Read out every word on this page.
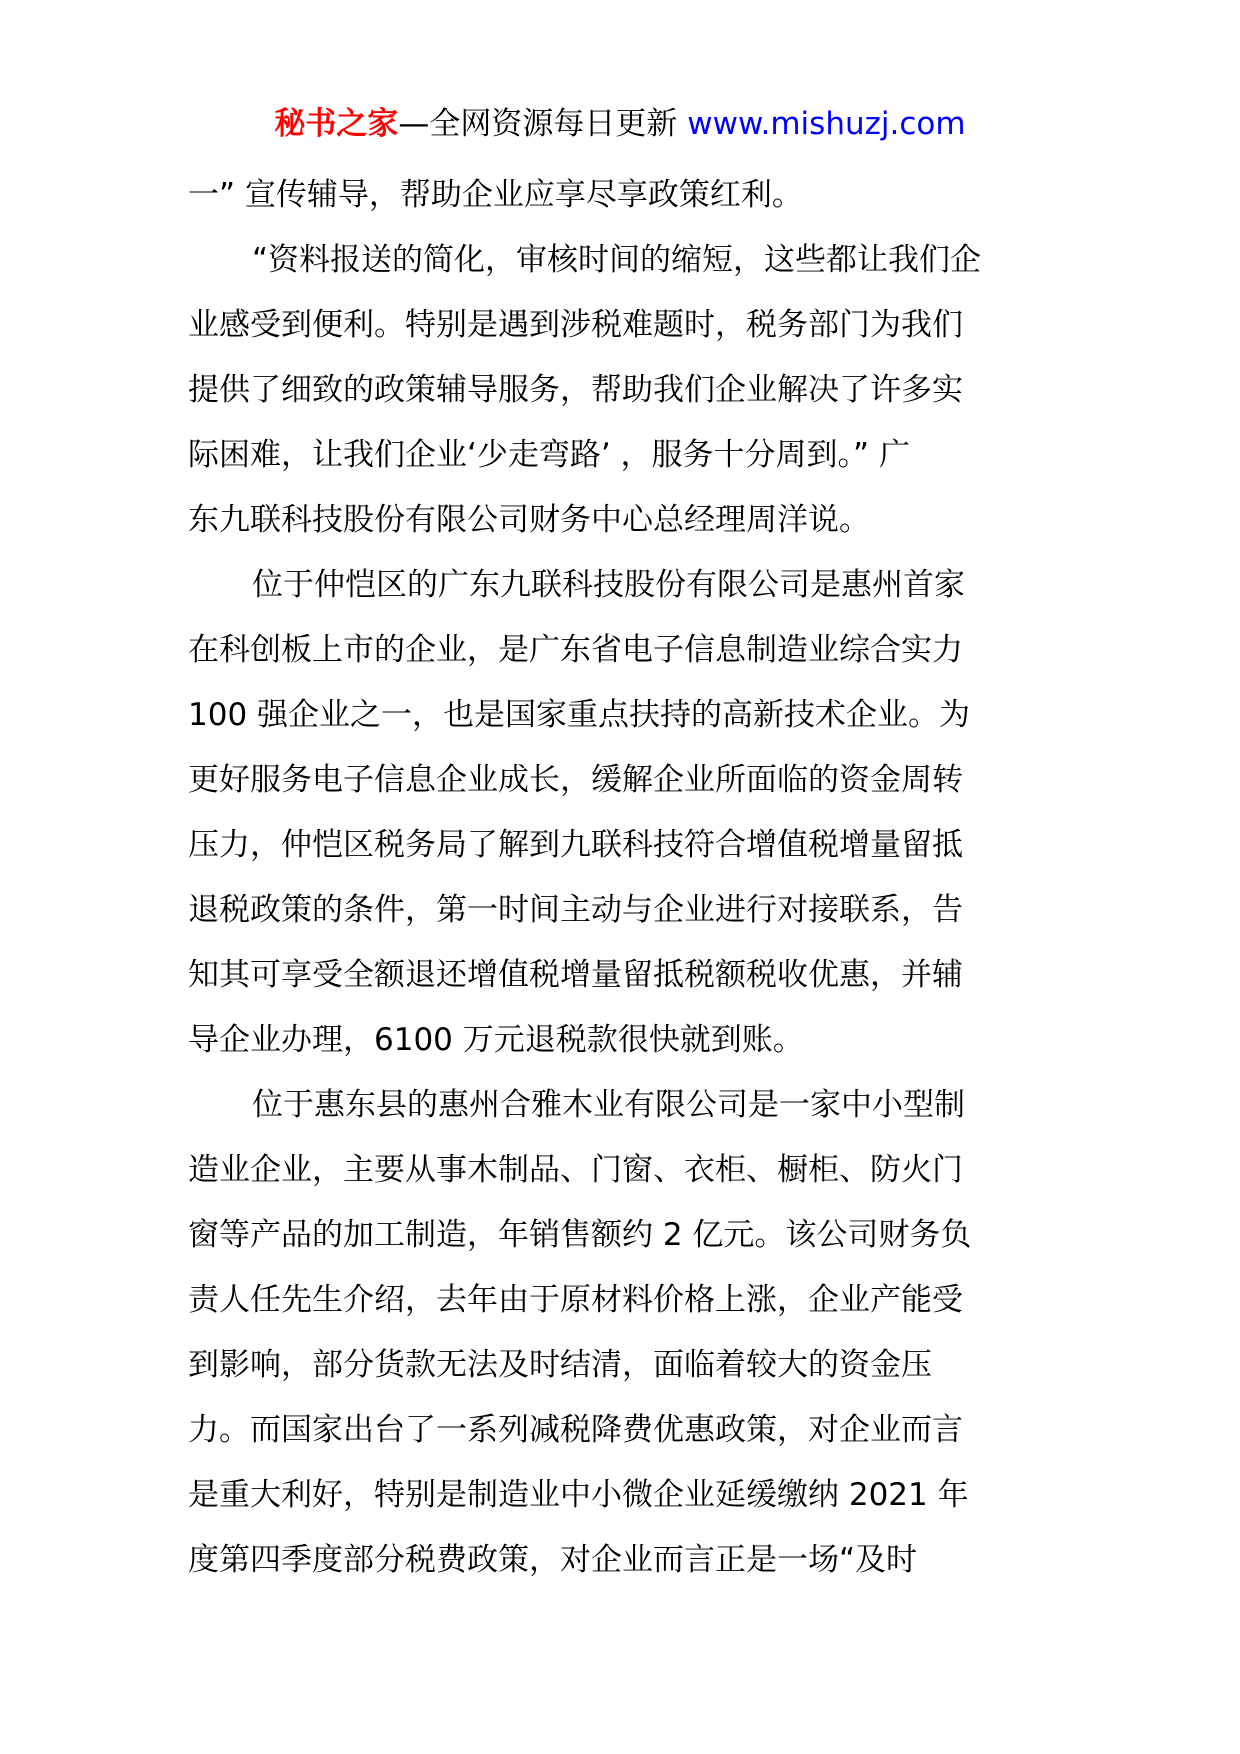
秘书之家—全网资源每日更新 www.mishuzj.com

一” 宣传辅导，帮助企业应享尽享政策红利。

“资料报送的简化，审核时间的缩短，这些都让我们企
业感受到便利。特别是遇到涉税难题时，税务部门为我们
提供了细致的政策辅导服务，帮助我们企业解决了许多实
际困难，让我们企业‘少走弯路’ ，服务十分周到。” 广
东九联科技股份有限公司财务中心总经理周洋说。

位于仲恺区的广东九联科技股份有限公司是惠州首家
在科创板上市的企业，是广东省电子信息制造业综合实力
100 强企业之一，也是国家重点扶持的高新技术企业。为
更好服务电子信息企业成长，缓解企业所面临的资金周转
压力，仲恺区税务局了解到九联科技符合增值税增量留抵
退税政策的条件，第一时间主动与企业进行对接联系，告
知其可享受全额退还增值税增量留抵税额税收优惠，并辅
导企业办理，6100 万元退税款很快就到账。

位于惠东县的惠州合雅木业有限公司是一家中小型制
造业企业，主要从事木制品、门窗、衣柜、橱柜、防火门
窗等产品的加工制造，年销售额约 2 亿元。该公司财务负
责人任先生介绍，去年由于原材料价格上涨，企业产能受
到影响，部分货款无法及时结清，面临着较大的资金压
力。而国家出台了一系列减税降费优惠政策，对企业而言
是重大利好，特别是制造业中小微企业延缓缴纳 2021 年
度第四季度部分税费政策，对企业而言正是一场“及时
